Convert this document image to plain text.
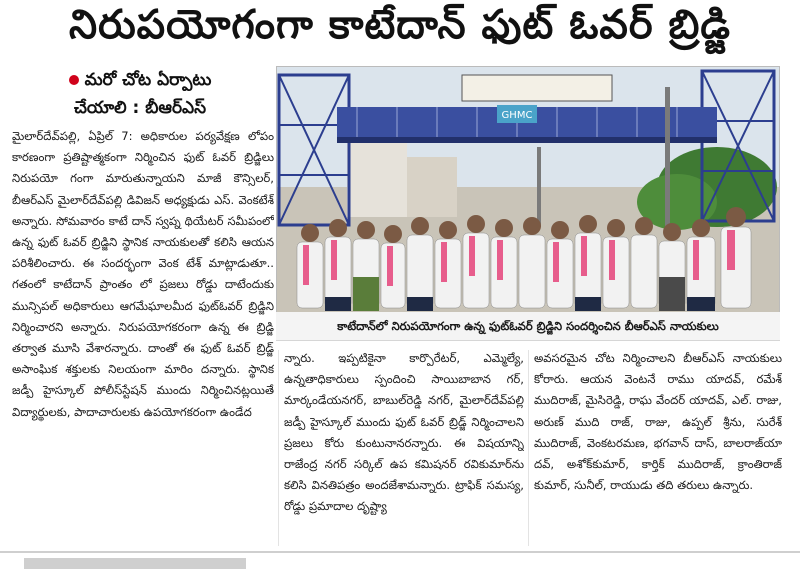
నిరుపయోగంగా కాటేదాన్ ఫుట్ ఓవర్ బ్రిడ్జి
మరో చోట ఏర్పాటు
చేయాలి : బీఆర్ఎస్
మైలార్‌దేవ్‌పల్లి, ఏప్రిల్ 7: అధికారుల పర్యవేక్షణ లోపం కారణంగా ప్రతిష్టాత్మకంగా నిర్మించిన ఫుట్ ఓవర్ బ్రిడ్జిలు నిరుపయో గంగా మారుతున్నాయని మాజీ కౌన్సిలర్, బీఆర్ఎస్ మైలార్‌దేవ్‌పల్లి డివిజన్ అధ్యక్షుడు ఎస్. వెంకటేశ్ అన్నారు. సోమవారం కాటే దాన్ స్వప్న థియేటర్ సమీపంలో ఉన్న ఫుట్ ఓవర్ బ్రిడ్జిని స్థానిక నాయకులతో కలిసి ఆయన పరిశీలించారు. ఈ సందర్భంగా వెంక టేశ్ మాట్లాడుతూ.. గతంలో కాటేదాన్ ప్రాంతం లో ప్రజలు రోడ్డు దాటేందుకు మున్సిపల్ అధికారులు ఆగమేఘాలమీద ఫుట్‌ఓవర్ బ్రిడ్జిని నిర్మించారని అన్నారు. నిరుపయోగకరంగా ఉన్న ఈ బ్రిడ్జి తర్వాత మూసి వేశారన్నారు. దాంతో ఈ ఫుట్ ఓవర్ బ్రిడ్జ్ అసాంఘిక శక్తులకు నిలయంగా మారిం దన్నారు. స్థానిక జడ్పీ హైస్కూల్ పోలీస్‌స్టేషన్ ముందు నిర్మించినట్లయితే విద్యార్థులకు, పాదాచారులకు ఉపయోగకరంగా ఉండేద
GHMC
కాటేదాన్‌లో నిరుపయోగంగా ఉన్న ఫుట్‌ఓవర్ బ్రిడ్జిని సందర్శించిన బీఆర్ఎస్ నాయకులు
న్నారు. ఇప్పటికైనా కార్పొరేటర్, ఎమ్మెల్యే, ఉన్నతాధికారులు స్పందించి సాయిబాబాన గర్, మార్కండేయనగర్, బాబుల్‌రెడ్డి నగర్, మైలార్‌దేవ్‌పల్లి జడ్పీ హైస్కూల్ ముందు ఫుట్ ఓవర్ బ్రిడ్జ్ నిర్మించాలని ప్రజలు కోరు కుంటునానరన్నారు. ఈ విషయాన్ని రాజేంద్ర నగర్ సర్కిల్ ఉప కమిషనర్ రవికుమార్‌ను కలిసి వినతిపత్రం అందజేశామన్నారు. ట్రాఫిక్ సమస్య, రోడ్డు ప్రమాదాల దృష్ట్యా
అవసరమైన చోట నిర్మించాలని బీఆర్ఎస్ నాయకులు కోరారు. ఆయన వెంటనే రాము యాదవ్, రమేశ్ ముదిరాజ్, మైసిరెడ్డి, రాఘ వేందర్ యాదవ్, ఎల్. రాజు, అరుణ్ ముది రాజ్, రాజు, ఉప్పల్ శ్రీను, సురేశ్ ముదిరాజ్, వెంకటరమణ, భగవాన్ దాస్, బాలరాజ్‌యా దవ్, అశోక్‌కుమార్, కార్తిక్ ముదిరాజ్, క్రాంతిరాజ్ కుమార్, సునీల్, రాయుడు తది తరులు ఉన్నారు.
